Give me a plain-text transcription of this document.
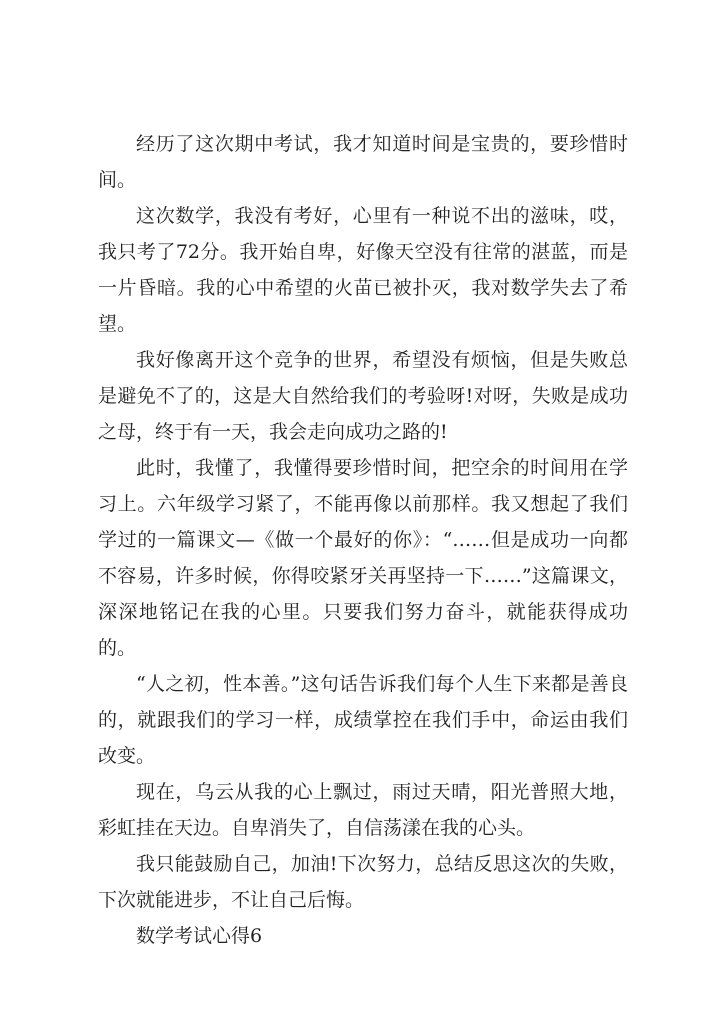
经历了这次期中考试，我才知道时间是宝贵的，要珍惜时间。

这次数学，我没有考好，心里有一种说不出的滋味，哎，我只考了72分。我开始自卑，好像天空没有往常的湛蓝，而是一片昏暗。我的心中希望的火苗已被扑灭，我对数学失去了希望。

我好像离开这个竞争的世界，希望没有烦恼，但是失败总是避免不了的，这是大自然给我们的考验呀!对呀，失败是成功之母，终于有一天，我会走向成功之路的!

此时，我懂了，我懂得要珍惜时间，把空余的时间用在学习上。六年级学习紧了，不能再像以前那样。我又想起了我们学过的一篇课文—《做一个最好的你》：“……但是成功一向都不容易，许多时候，你得咬紧牙关再坚持一下……”这篇课文，深深地铭记在我的心里。只要我们努力奋斗，就能获得成功的。

“人之初，性本善。”这句话告诉我们每个人生下来都是善良的，就跟我们的学习一样，成绩掌控在我们手中，命运由我们改变。

现在，乌云从我的心上飘过，雨过天晴，阳光普照大地，彩虹挂在天边。自卑消失了，自信荡漾在我的心头。

我只能鼓励自己，加油!下次努力，总结反思这次的失败，下次就能进步，不让自己后悔。

数学考试心得6
